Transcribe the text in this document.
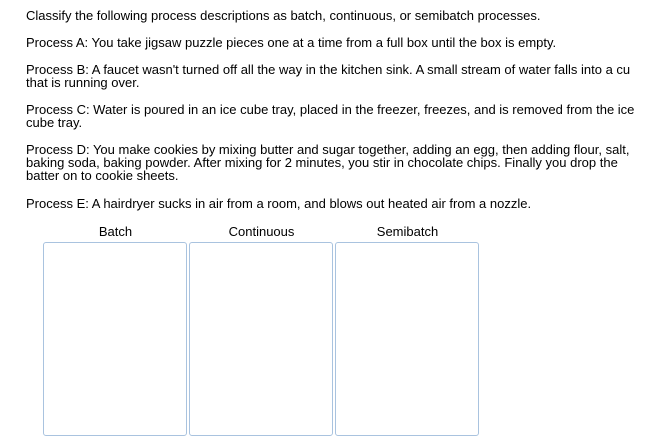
Classify the following process descriptions as batch, continuous, or semibatch processes.

Process A: You take jigsaw puzzle pieces one at a time from a full box until the box is empty.

Process B: A faucet wasn't turned off all the way in the kitchen sink. A small stream of water falls into a cu
that is running over.

Process C: Water is poured in an ice cube tray, placed in the freezer, freezes, and is removed from the ice
cube tray.

Process D: You make cookies by mixing butter and sugar together, adding an egg, then adding flour, salt,
baking soda, baking powder. After mixing for 2 minutes, you stir in chocolate chips. Finally you drop the
batter on to cookie sheets.

Process E: A hairdryer sucks in air from a room, and blows out heated air from a nozzle.

Batch	Continuous	Semibatch
